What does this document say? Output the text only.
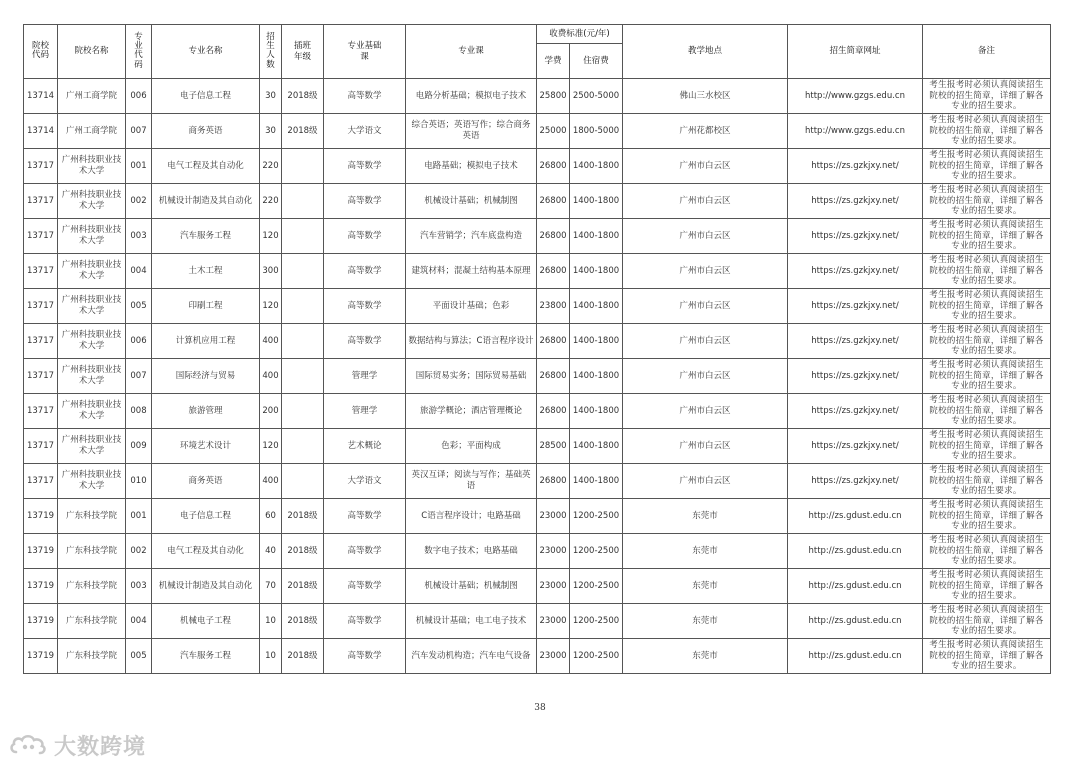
院校代码	院校名称	专业代码	专业名称	招生人数	插班年级	专业基础课	专业课	收费标准(元/年)		教学地点	招生简章网址	备注
								学费	住宿费			
13714	广州工商学院	006	电子信息工程	30	2018级	高等数学	电路分析基础；模拟电子技术	25800	2500-5000	佛山三水校区	http://www.gzgs.edu.cn	考生报考时必须认真阅读招生院校的招生简章，详细了解各专业的招生要求。
13714	广州工商学院	007	商务英语	30	2018级	大学语文	综合英语；英语写作；综合商务英语	25000	1800-5000	广州花都校区	http://www.gzgs.edu.cn	考生报考时必须认真阅读招生院校的招生简章，详细了解各专业的招生要求。
13717	广州科技职业技术大学	001	电气工程及其自动化	220		高等数学	电路基础；模拟电子技术	26800	1400-1800	广州市白云区	https://zs.gzkjxy.net/	考生报考时必须认真阅读招生院校的招生简章，详细了解各专业的招生要求。
13717	广州科技职业技术大学	002	机械设计制造及其自动化	220		高等数学	机械设计基础；机械制图	26800	1400-1800	广州市白云区	https://zs.gzkjxy.net/	考生报考时必须认真阅读招生院校的招生简章，详细了解各专业的招生要求。
13717	广州科技职业技术大学	003	汽车服务工程	120		高等数学	汽车营销学；汽车底盘构造	26800	1400-1800	广州市白云区	https://zs.gzkjxy.net/	考生报考时必须认真阅读招生院校的招生简章，详细了解各专业的招生要求。
13717	广州科技职业技术大学	004	土木工程	300		高等数学	建筑材料；混凝土结构基本原理	26800	1400-1800	广州市白云区	https://zs.gzkjxy.net/	考生报考时必须认真阅读招生院校的招生简章，详细了解各专业的招生要求。
13717	广州科技职业技术大学	005	印刷工程	120		高等数学	平面设计基础；色彩	23800	1400-1800	广州市白云区	https://zs.gzkjxy.net/	考生报考时必须认真阅读招生院校的招生简章，详细了解各专业的招生要求。
13717	广州科技职业技术大学	006	计算机应用工程	400		高等数学	数据结构与算法；C语言程序设计	26800	1400-1800	广州市白云区	https://zs.gzkjxy.net/	考生报考时必须认真阅读招生院校的招生简章，详细了解各专业的招生要求。
13717	广州科技职业技术大学	007	国际经济与贸易	400		管理学	国际贸易实务；国际贸易基础	26800	1400-1800	广州市白云区	https://zs.gzkjxy.net/	考生报考时必须认真阅读招生院校的招生简章，详细了解各专业的招生要求。
13717	广州科技职业技术大学	008	旅游管理	200		管理学	旅游学概论；酒店管理概论	26800	1400-1800	广州市白云区	https://zs.gzkjxy.net/	考生报考时必须认真阅读招生院校的招生简章，详细了解各专业的招生要求。
13717	广州科技职业技术大学	009	环境艺术设计	120		艺术概论	色彩；平面构成	28500	1400-1800	广州市白云区	https://zs.gzkjxy.net/	考生报考时必须认真阅读招生院校的招生简章，详细了解各专业的招生要求。
13717	广州科技职业技术大学	010	商务英语	400		大学语文	英汉互译；阅读与写作；基础英语	26800	1400-1800	广州市白云区	https://zs.gzkjxy.net/	考生报考时必须认真阅读招生院校的招生简章，详细了解各专业的招生要求。
13719	广东科技学院	001	电子信息工程	60	2018级	高等数学	C语言程序设计；电路基础	23000	1200-2500	东莞市	http://zs.gdust.edu.cn	考生报考时必须认真阅读招生院校的招生简章，详细了解各专业的招生要求。
13719	广东科技学院	002	电气工程及其自动化	40	2018级	高等数学	数字电子技术；电路基础	23000	1200-2500	东莞市	http://zs.gdust.edu.cn	考生报考时必须认真阅读招生院校的招生简章，详细了解各专业的招生要求。
13719	广东科技学院	003	机械设计制造及其自动化	70	2018级	高等数学	机械设计基础；机械制图	23000	1200-2500	东莞市	http://zs.gdust.edu.cn	考生报考时必须认真阅读招生院校的招生简章，详细了解各专业的招生要求。
13719	广东科技学院	004	机械电子工程	10	2018级	高等数学	机械设计基础；电工电子技术	23000	1200-2500	东莞市	http://zs.gdust.edu.cn	考生报考时必须认真阅读招生院校的招生简章，详细了解各专业的招生要求。
13719	广东科技学院	005	汽车服务工程	10	2018级	高等数学	汽车发动机构造；汽车电气设备	23000	1200-2500	东莞市	http://zs.gdust.edu.cn	考生报考时必须认真阅读招生院校的招生简章，详细了解各专业的招生要求。
38
大数跨境
